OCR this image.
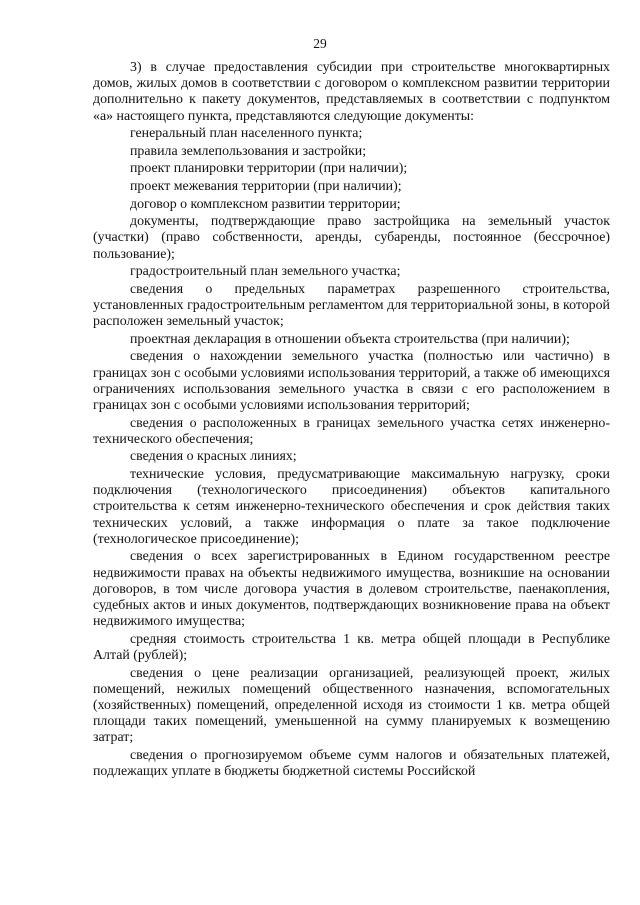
29

3) в случае предоставления субсидии при строительстве многоквартирных домов, жилых домов в соответствии с договором о комплексном развитии территории дополнительно к пакету документов, представляемых в соответствии с подпунктом «а» настоящего пункта, представляются следующие документы:

генеральный план населенного пункта;

правила землепользования и застройки;

проект планировки территории (при наличии);

проект межевания территории (при наличии);

договор о комплексном развитии территории;

документы, подтверждающие право застройщика на земельный участок (участки) (право собственности, аренды, субаренды, постоянное (бессрочное) пользование);

градостроительный план земельного участка;

сведения о предельных параметрах разрешенного строительства, установленных градостроительным регламентом для территориальной зоны, в которой расположен земельный участок;

проектная декларация в отношении объекта строительства (при наличии);

сведения о нахождении земельного участка (полностью или частично) в границах зон с особыми условиями использования территорий, а также об имеющихся ограничениях использования земельного участка в связи с его расположением в границах зон с особыми условиями использования территорий;

сведения о расположенных в границах земельного участка сетях инженерно-технического обеспечения;

сведения о красных линиях;

технические условия, предусматривающие максимальную нагрузку, сроки подключения (технологического присоединения) объектов капитального строительства к сетям инженерно-технического обеспечения и срок действия таких технических условий, а также информация о плате за такое подключение (технологическое присоединение);

сведения о всех зарегистрированных в Едином государственном реестре недвижимости правах на объекты недвижимого имущества, возникшие на основании договоров, в том числе договора участия в долевом строительстве, паенакопления, судебных актов и иных документов, подтверждающих возникновение права на объект недвижимого имущества;

средняя стоимость строительства 1 кв. метра общей площади в Республике Алтай (рублей);

сведения о цене реализации организацией, реализующей проект, жилых помещений, нежилых помещений общественного назначения, вспомогательных (хозяйственных) помещений, определенной исходя из стоимости 1 кв. метра общей площади таких помещений, уменьшенной на сумму планируемых к возмещению затрат;

сведения о прогнозируемом объеме сумм налогов и обязательных платежей, подлежащих уплате в бюджеты бюджетной системы Российской
